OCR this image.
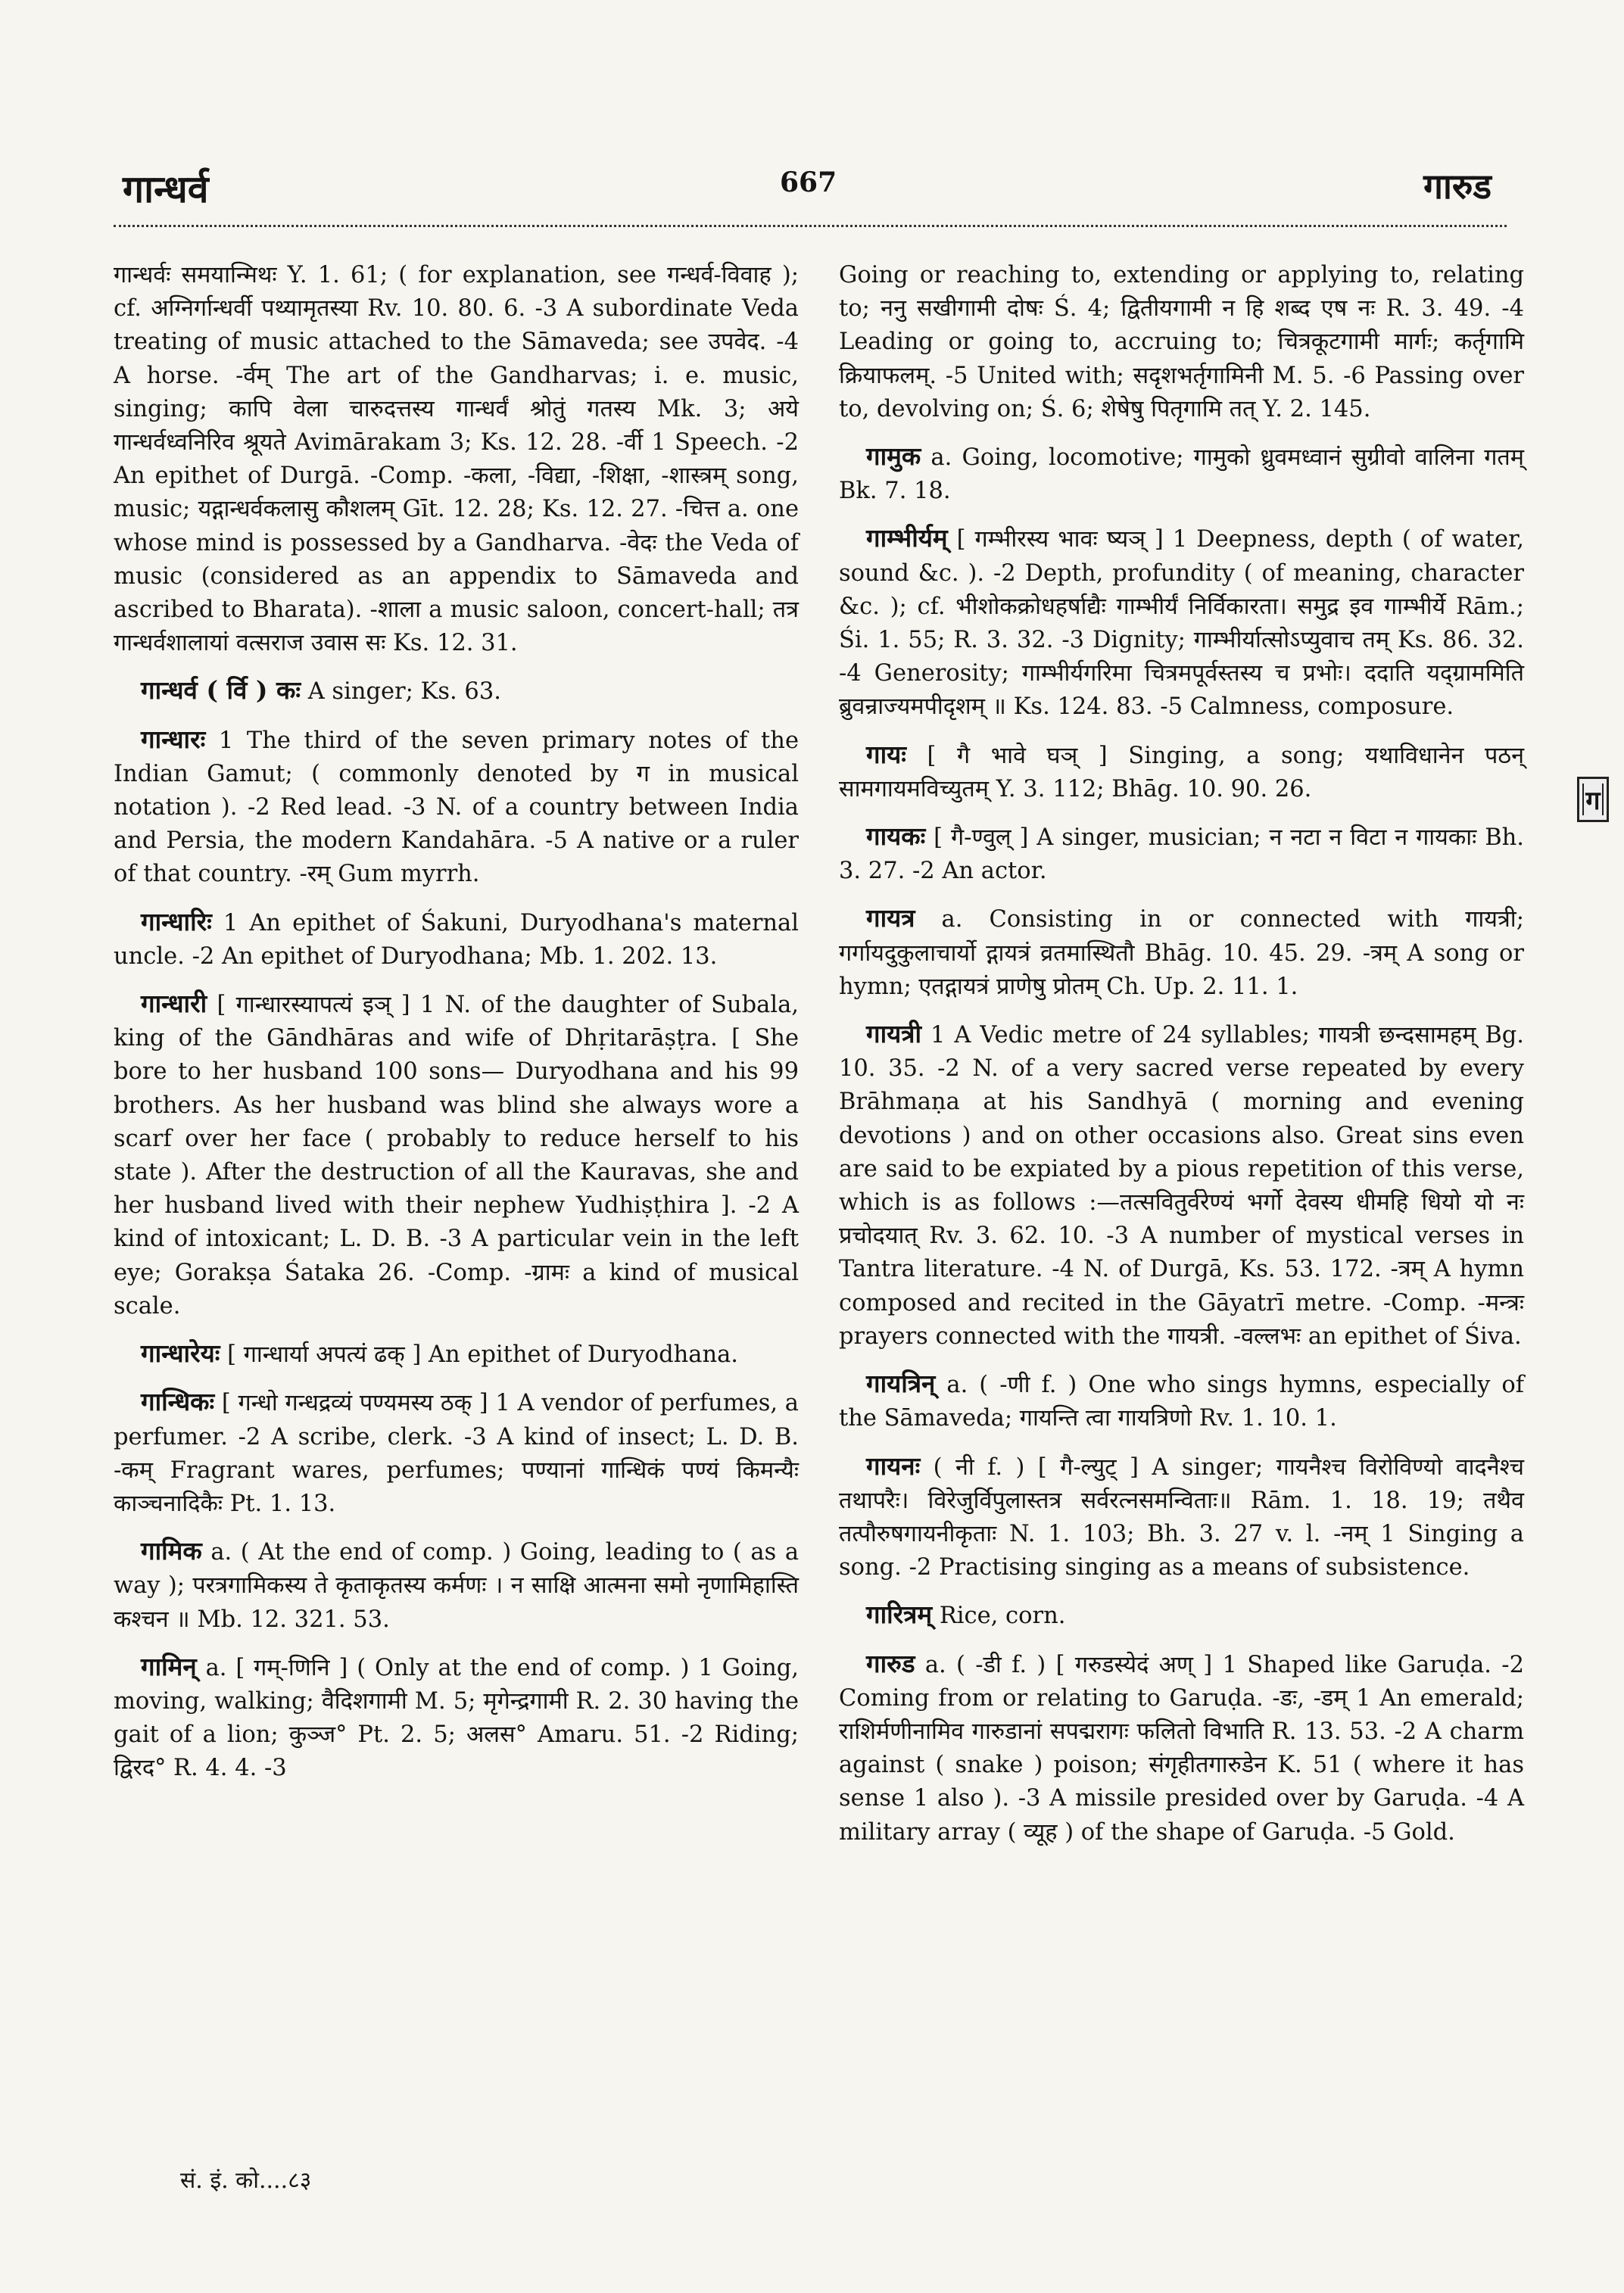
गान्धर्व	667	गारुड
ग

गान्धर्वः समयान्मिथः Y. 1. 61; ( for explanation, see गन्धर्व-विवाह ); cf. अग्निर्गान्धर्वी पथ्यामृतस्या Rv. 10. 80. 6. -3 A subordinate Veda treating of music attached to the Sāmaveda; see उपवेद. -4 A horse. -र्वम् The art of the Gandharvas; i. e. music, singing; कापि वेला चारुदत्तस्य गान्धर्वं श्रोतुं गतस्य Mk. 3; अये गान्धर्वध्वनिरिव श्रूयते Avimārakam 3; Ks. 12. 28. -र्वी 1 Speech. -2 An epithet of Durgā. -Comp. -कला, -विद्या, -शिक्षा, -शास्त्रम् song, music; यद्गान्धर्वकलासु कौशलम् Gīt. 12. 28; Ks. 12. 27. -चित्त a. one whose mind is possessed by a Gandharva. -वेदः the Veda of music (considered as an appendix to Sāmaveda and ascribed to Bharata). -शाला a music saloon, concert-hall; तत्र गान्धर्वशालायां वत्सराज उवास सः Ks. 12. 31.

गान्धर्व ( र्वि ) कः A singer; Ks. 63.

गान्धारः 1 The third of the seven primary notes of the Indian Gamut; ( commonly denoted by ग in musical notation ). -2 Red lead. -3 N. of a country between India and Persia, the modern Kandahāra. -5 A native or a ruler of that country. -रम् Gum myrrh.

गान्धारिः 1 An epithet of Śakuni, Duryodhana's maternal uncle. -2 An epithet of Duryodhana; Mb. 1. 202. 13.

गान्धारी [ गान्धारस्यापत्यं इञ् ] 1 N. of the daughter of Subala, king of the Gāndhāras and wife of Dhṛitarāṣṭra. [ She bore to her husband 100 sons— Duryodhana and his 99 brothers. As her husband was blind she always wore a scarf over her face ( probably to reduce herself to his state ). After the destruction of all the Kauravas, she and her husband lived with their nephew Yudhiṣṭhira ]. -2 A kind of intoxicant; L. D. B. -3 A particular vein in the left eye; Gorakṣa Śataka 26. -Comp. -ग्रामः a kind of musical scale.

गान्धारेयः [ गान्धार्या अपत्यं ढक् ] An epithet of Duryodhana.

गान्धिकः [ गन्धो गन्धद्रव्यं पण्यमस्य ठक् ] 1 A vendor of perfumes, a perfumer. -2 A scribe, clerk. -3 A kind of insect; L. D. B. -कम् Fragrant wares, perfumes; पण्यानां गान्धिकं पण्यं किमन्यैः काञ्चनादिकैः Pt. 1. 13.

गामिक a. ( At the end of comp. ) Going, leading to ( as a way ); परत्रगामिकस्य ते कृताकृतस्य कर्मणः । न साक्षि आत्मना समो नृणामिहास्ति कश्चन ॥ Mb. 12. 321. 53.

गामिन् a. [ गम्-णिनि ] ( Only at the end of comp. ) 1 Going, moving, walking; वैदिशगामी M. 5; मृगेन्द्रगामी R. 2. 30 having the gait of a lion; कुञ्ज° Pt. 2. 5; अलस° Amaru. 51. -2 Riding; द्विरद° R. 4. 4. -3

Going or reaching to, extending or applying to, relating to; ननु सखीगामी दोषः Ś. 4; द्वितीयगामी न हि शब्द एष नः R. 3. 49. -4 Leading or going to, accruing to; चित्रकूटगामी मार्गः; कर्तृगामि क्रियाफलम्. -5 United with; सदृशभर्तृगामिनी M. 5. -6 Passing over to, devolving on; Ś. 6; शेषेषु पितृगामि तत् Y. 2. 145.

गामुक a. Going, locomotive; गामुको ध्रुवमध्वानं सुग्रीवो वालिना गतम् Bk. 7. 18.

गाम्भीर्यम् [ गम्भीरस्य भावः ष्यञ् ] 1 Deepness, depth ( of water, sound &c. ). -2 Depth, profundity ( of meaning, character &c. ); cf. भीशोकक्रोधहर्षाद्यैः गाम्भीर्यं निर्विकारता। समुद्र इव गाम्भीर्ये Rām.; Śi. 1. 55; R. 3. 32. -3 Dignity; गाम्भीर्यात्सोऽप्युवाच तम् Ks. 86. 32. -4 Generosity; गाम्भीर्यगरिमा चित्रमपूर्वस्तस्य च प्रभोः। ददाति यद्ग्राममिति ब्रुवन्राज्यमपीदृशम् ॥ Ks. 124. 83. -5 Calmness, composure.

गायः [ गै भावे घञ् ] Singing, a song; यथाविधानेन पठन् सामगायमविच्युतम् Y. 3. 112; Bhāg. 10. 90. 26.

गायकः [ गै-ण्वुल् ] A singer, musician; न नटा न विटा न गायकाः Bh. 3. 27. -2 An actor.

गायत्र a. Consisting in or connected with गायत्री; गर्गायदुकुलाचार्यो द्गायत्रं व्रतमास्थितौ Bhāg. 10. 45. 29. -त्रम् A song or hymn; एतद्गायत्रं प्राणेषु प्रोतम् Ch. Up. 2. 11. 1.

गायत्री 1 A Vedic metre of 24 syllables; गायत्री छन्दसामहम् Bg. 10. 35. -2 N. of a very sacred verse repeated by every Brāhmaṇa at his Sandhyā ( morning and evening devotions ) and on other occasions also. Great sins even are said to be expiated by a pious repetition of this verse, which is as follows :—तत्सवितुर्वरेण्यं भर्गो देवस्य धीमहि धियो यो नः प्रचोदयात् Rv. 3. 62. 10. -3 A number of mystical verses in Tantra literature. -4 N. of Durgā, Ks. 53. 172. -त्रम् A hymn composed and recited in the Gāyatrī metre. -Comp. -मन्त्रः prayers connected with the गायत्री. -वल्लभः an epithet of Śiva.

गायत्रिन् a. ( -णी f. ) One who sings hymns, especially of the Sāmaveda; गायन्ति त्वा गायत्रिणो Rv. 1. 10. 1.

गायनः ( नी f. ) [ गै-ल्युट् ] A singer; गायनैश्च विरोविण्यो वादनैश्च तथापरैः। विरेजुर्विपुलास्तत्र सर्वरत्नसमन्विताः॥ Rām. 1. 18. 19; तथैव तत्पौरुषगायनीकृताः N. 1. 103; Bh. 3. 27 v. l. -नम् 1 Singing a song. -2 Practising singing as a means of subsistence.

गारित्रम् Rice, corn.

गारुड a. ( -डी f. ) [ गरुडस्येदं अण् ] 1 Shaped like Garuḍa. -2 Coming from or relating to Garuḍa. -डः, -डम् 1 An emerald; राशिर्मणीनामिव गारुडानां सपद्मरागः फलितो विभाति R. 13. 53. -2 A charm against ( snake ) poison; संगृहीतगारुडेन K. 51 ( where it has sense 1 also ). -3 A missile presided over by Garuḍa. -4 A military array ( व्यूह ) of the shape of Garuḍa. -5 Gold.

सं. इं. को....८३
